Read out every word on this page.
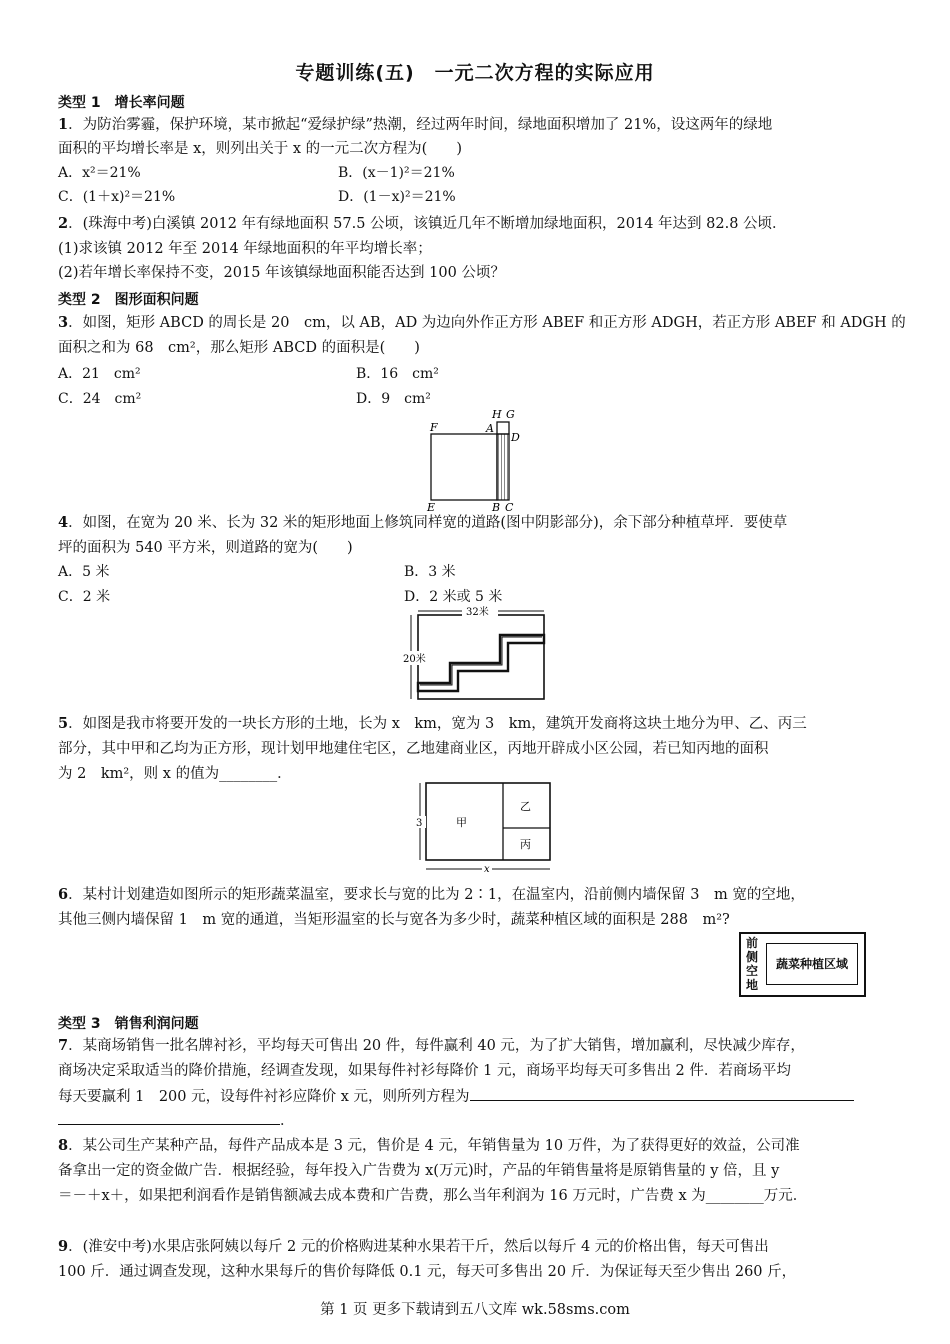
专题训练(五)　一元二次方程的实际应用
类型 1　增长率问题
1．为防治雾霾，保护环境，某市掀起“爱绿护绿”热潮，经过两年时间，绿地面积增加了 21%，设这两年的绿地
面积的平均增长率是 x，则列出关于 x 的一元二次方程为(　　)
A．x²＝21%	B．(x－1)²＝21%
C．(1＋x)²＝21%	D．(1－x)²＝21%
2．(珠海中考)白溪镇 2012 年有绿地面积 57.5 公顷，该镇近几年不断增加绿地面积，2014 年达到 82.8 公顷．
(1)求该镇 2012 年至 2014 年绿地面积的年平均增长率；
(2)若年增长率保持不变，2015 年该镇绿地面积能否达到 100 公顷？
类型 2　图形面积问题
3．如图，矩形 ABCD 的周长是 20　cm，以 AB，AD 为边向外作正方形 ABEF 和正方形 ADGH，若正方形 ABEF 和 ADGH 的
面积之和为 68　cm²，那么矩形 ABCD 的面积是(　　)
A．21　cm²	B．16　cm²
C．24　cm²	D．9　cm²
F
H G
A
D
E	B C
4．如图，在宽为 20 米、长为 32 米的矩形地面上修筑同样宽的道路(图中阴影部分)，余下部分种植草坪．要使草
坪的面积为 540 平方米，则道路的宽为(　　)
A．5 米	B．3 米
C．2 米	D．2 米或 5 米
32米
20米
5．如图是我市将要开发的一块长方形的土地，长为 x　km，宽为 3　km，建筑开发商将这块土地分为甲、乙、丙三
部分，其中甲和乙均为正方形，现计划甲地建住宅区，乙地建商业区，丙地开辟成小区公园，若已知丙地的面积
为 2　km²，则 x 的值为________．
甲
乙
丙
3
x
6．某村计划建造如图所示的矩形蔬菜温室，要求长与宽的比为 2∶1，在温室内，沿前侧内墙保留 3　m 宽的空地，
其他三侧内墙保留 1　m 宽的通道，当矩形温室的长与宽各为多少时，蔬菜种植区域的面积是 288　m²?
前侧空地
蔬菜种植区域
类型 3　销售利润问题
7．某商场销售一批名牌衬衫，平均每天可售出 20 件，每件赢利 40 元，为了扩大销售，增加赢利，尽快减少库存，
商场决定采取适当的降价措施，经调查发现，如果每件衬衫每降价 1 元，商场平均每天可多售出 2 件．若商场平均
每天要赢利 1　200 元，设每件衬衫应降价 x 元，则所列方程为
．
8．某公司生产某种产品，每件产品成本是 3 元，售价是 4 元，年销售量为 10 万件，为了获得更好的效益，公司准
备拿出一定的资金做广告．根据经验，每年投入广告费为 x(万元)时，产品的年销售量将是原销售量的 y 倍，且 y
＝－＋x＋，如果把利润看作是销售额减去成本费和广告费，那么当年利润为 16 万元时，广告费 x 为________万元．
9．(淮安中考)水果店张阿姨以每斤 2 元的价格购进某种水果若干斤，然后以每斤 4 元的价格出售，每天可售出
100 斤．通过调查发现，这种水果每斤的售价每降低 0.1 元，每天可多售出 20 斤．为保证每天至少售出 260 斤，
第 1 页 更多下载请到五八文库 wk.58sms.com
